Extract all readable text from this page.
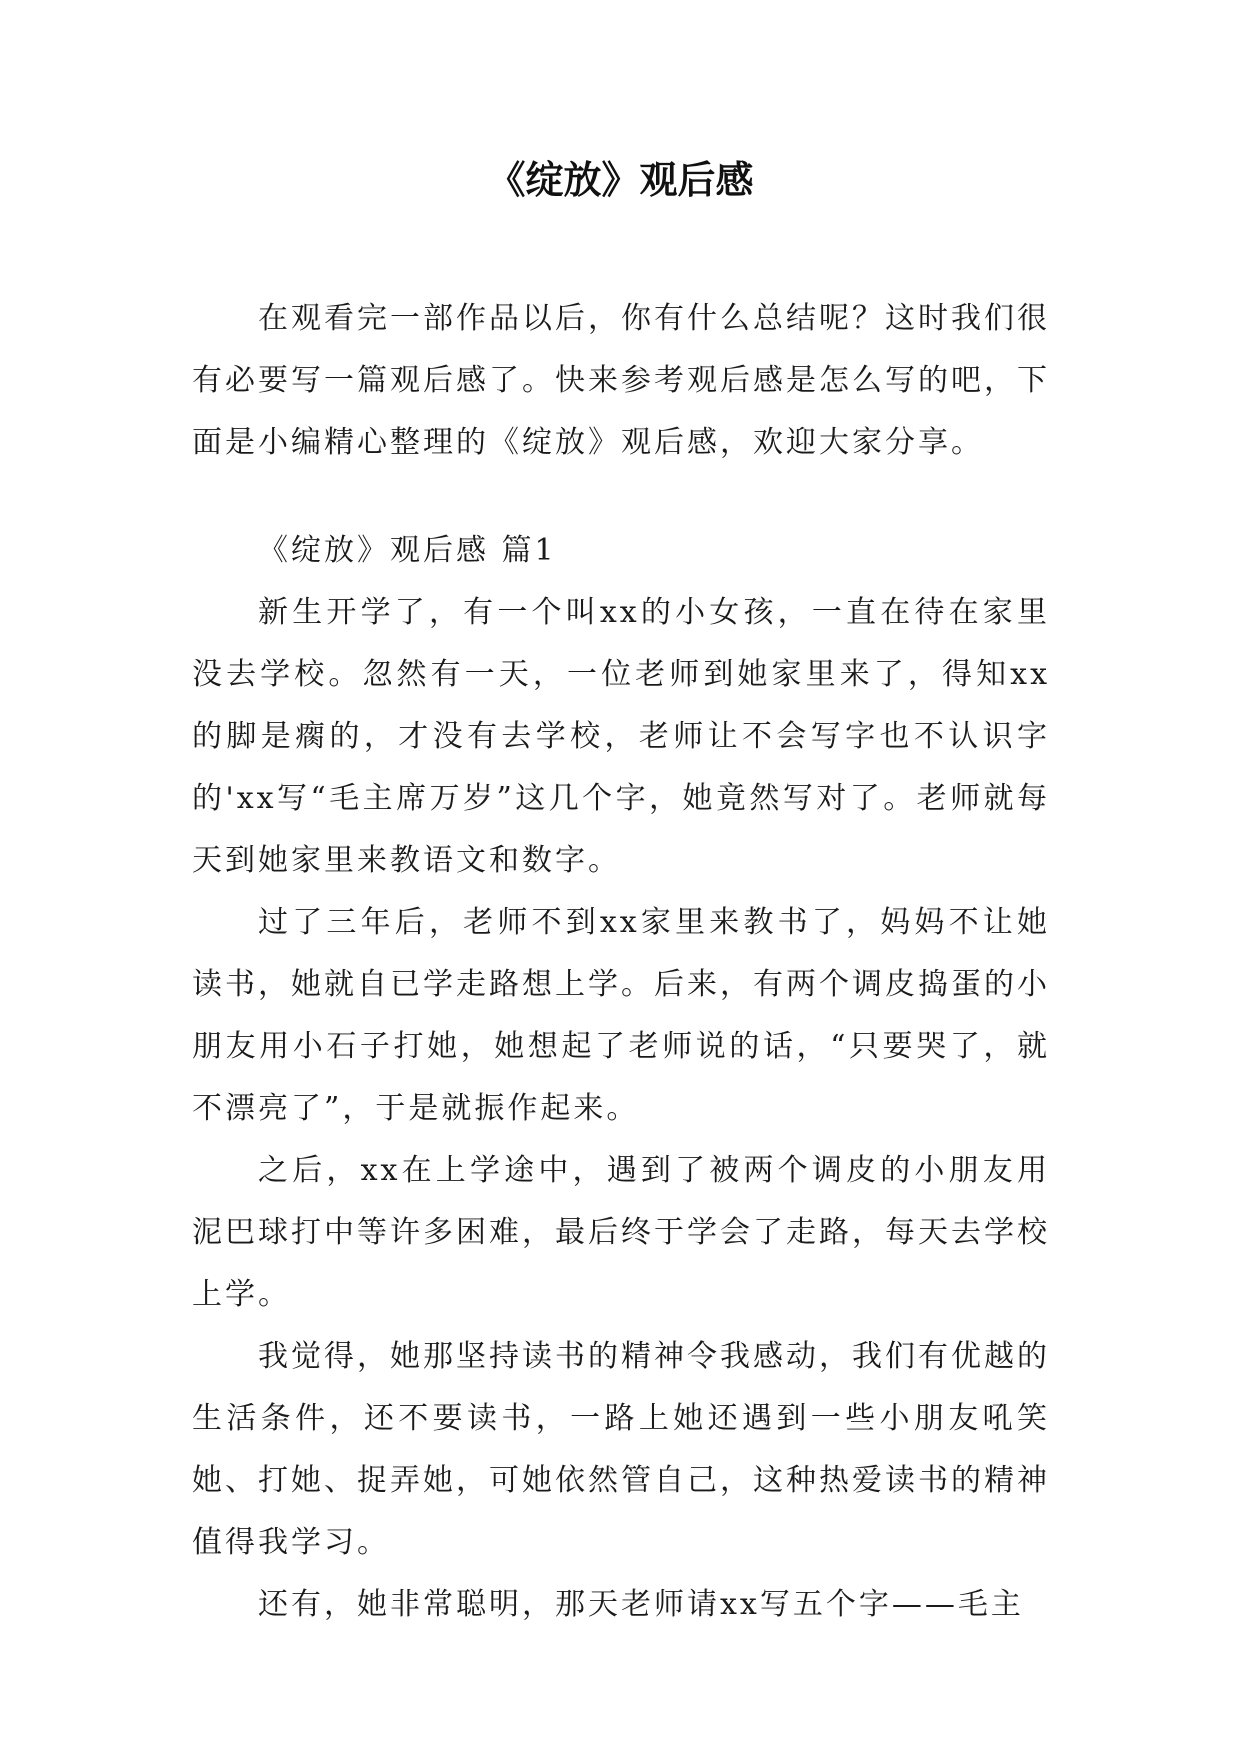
《绽放》观后感

在观看完一部作品以后，你有什么总结呢？这时我们很有必要写一篇观后感了。快来参考观后感是怎么写的吧，下面是小编精心整理的《绽放》观后感，欢迎大家分享。

《绽放》观后感 篇1

新生开学了，有一个叫xx的小女孩，一直在待在家里没去学校。忽然有一天，一位老师到她家里来了，得知xx的脚是瘸的，才没有去学校，老师让不会写字也不认识字的'xx写“毛主席万岁”这几个字，她竟然写对了。老师就每天到她家里来教语文和数字。

过了三年后，老师不到xx家里来教书了，妈妈不让她读书，她就自已学走路想上学。后来，有两个调皮捣蛋的小朋友用小石子打她，她想起了老师说的话，“只要哭了，就不漂亮了”，于是就振作起来。

之后，xx在上学途中，遇到了被两个调皮的小朋友用泥巴球打中等许多困难，最后终于学会了走路，每天去学校上学。

我觉得，她那坚持读书的精神令我感动，我们有优越的生活条件，还不要读书，一路上她还遇到一些小朋友吼笑她、打她、捉弄她，可她依然管自己，这种热爱读书的精神值得我学习。

还有，她非常聪明，那天老师请xx写五个字——毛主
